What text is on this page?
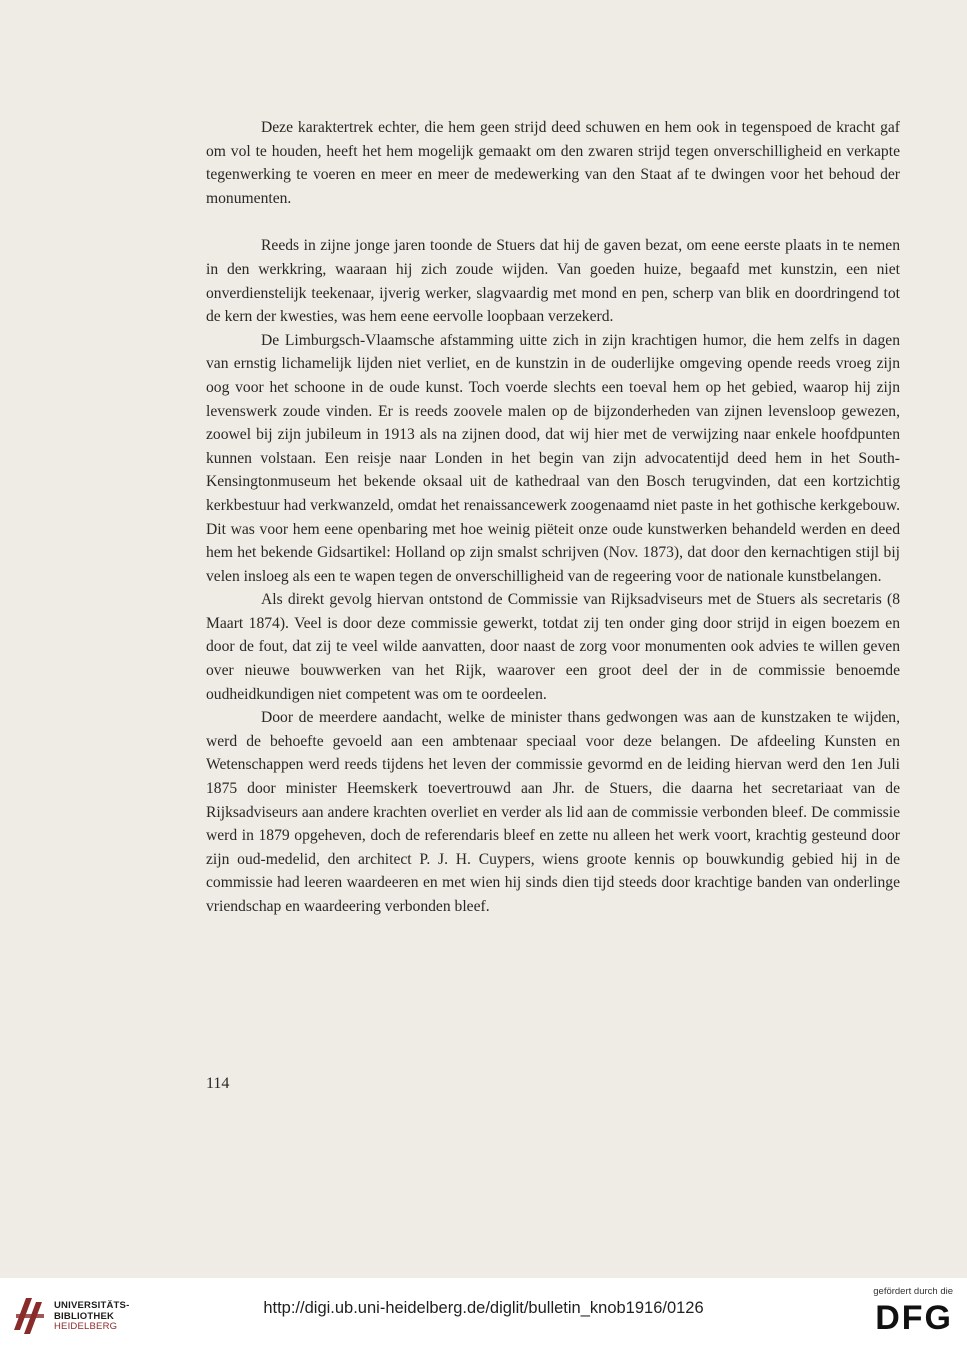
Deze karaktertrek echter, die hem geen strijd deed schuwen en hem ook in tegenspoed de kracht gaf om vol te houden, heeft het hem mogelijk gemaakt om den zwaren strijd tegen onverschilligheid en verkapte tegenwerking te voeren en meer en meer de medewerking van den Staat af te dwingen voor het behoud der monumenten.

Reeds in zijne jonge jaren toonde de Stuers dat hij de gaven bezat, om eene eerste plaats in te nemen in den werkkring, waaraan hij zich zoude wijden. Van goeden huize, begaafd met kunstzin, een niet onverdienstelijk teekenaar, ijverig werker, slagvaardig met mond en pen, scherp van blik en doordringend tot de kern der kwesties, was hem eene eervolle loopbaan verzekerd.

De Limburgsch-Vlaamsche afstamming uitte zich in zijn krachtigen humor, die hem zelfs in dagen van ernstig lichamelijk lijden niet verliet, en de kunstzin in de ouderlijke omgeving opende reeds vroeg zijn oog voor het schoone in de oude kunst. Toch voerde slechts een toeval hem op het gebied, waarop hij zijn levenswerk zoude vinden. Er is reeds zoovele malen op de bijzonderheden van zijnen levensloop gewezen, zoowel bij zijn jubileum in 1913 als na zijnen dood, dat wij hier met de verwijzing naar enkele hoofdpunten kunnen volstaan. Een reisje naar Londen in het begin van zijn advocatentijd deed hem in het South-Kensingtonmuseum het bekende oksaal uit de kathedraal van den Bosch terugvinden, dat een kortzichtig kerkbestuur had verkwanzeld, omdat het renaissancewerk zoogenaamd niet paste in het gothische kerkgebouw. Dit was voor hem eene openbaring met hoe weinig piëteit onze oude kunstwerken behandeld werden en deed hem het bekende Gidsartikel: Holland op zijn smalst schrijven (Nov. 1873), dat door den kernachtigen stijl bij velen insloeg als een te wapen tegen de onverschilligheid van de regeering voor de nationale kunstbelangen.

Als direkt gevolg hiervan ontstond de Commissie van Rijksadviseurs met de Stuers als secretaris (8 Maart 1874). Veel is door deze commissie gewerkt, totdat zij ten onder ging door strijd in eigen boezem en door de fout, dat zij te veel wilde aanvatten, door naast de zorg voor monumenten ook advies te willen geven over nieuwe bouwwerken van het Rijk, waarover een groot deel der in de commissie benoemde oudheidkundigen niet competent was om te oordeelen.

Door de meerdere aandacht, welke de minister thans gedwongen was aan de kunstzaken te wijden, werd de behoefte gevoeld aan een ambtenaar speciaal voor deze belangen. De afdeeling Kunsten en Wetenschappen werd reeds tijdens het leven der commissie gevormd en de leiding hiervan werd den 1en Juli 1875 door minister Heemskerk toevertrouwd aan Jhr. de Stuers, die daarna het secretariaat van de Rijksadviseurs aan andere krachten overliet en verder als lid aan de commissie verbonden bleef. De commissie werd in 1879 opgeheven, doch de referendaris bleef en zette nu alleen het werk voort, krachtig gesteund door zijn oud-medelid, den architect P. J. H. Cuypers, wiens groote kennis op bouwkundig gebied hij in de commissie had leeren waardeeren en met wien hij sinds dien tijd steeds door krachtige banden van onderlinge vriendschap en waardeering verbonden bleef.

114
UNIVERSITÄTS-
BIBLIOTHEK
HEIDELBERG
http://digi.ub.uni-heidelberg.de/diglit/bulletin_knob1916/0126
gefördert durch die
DFG
